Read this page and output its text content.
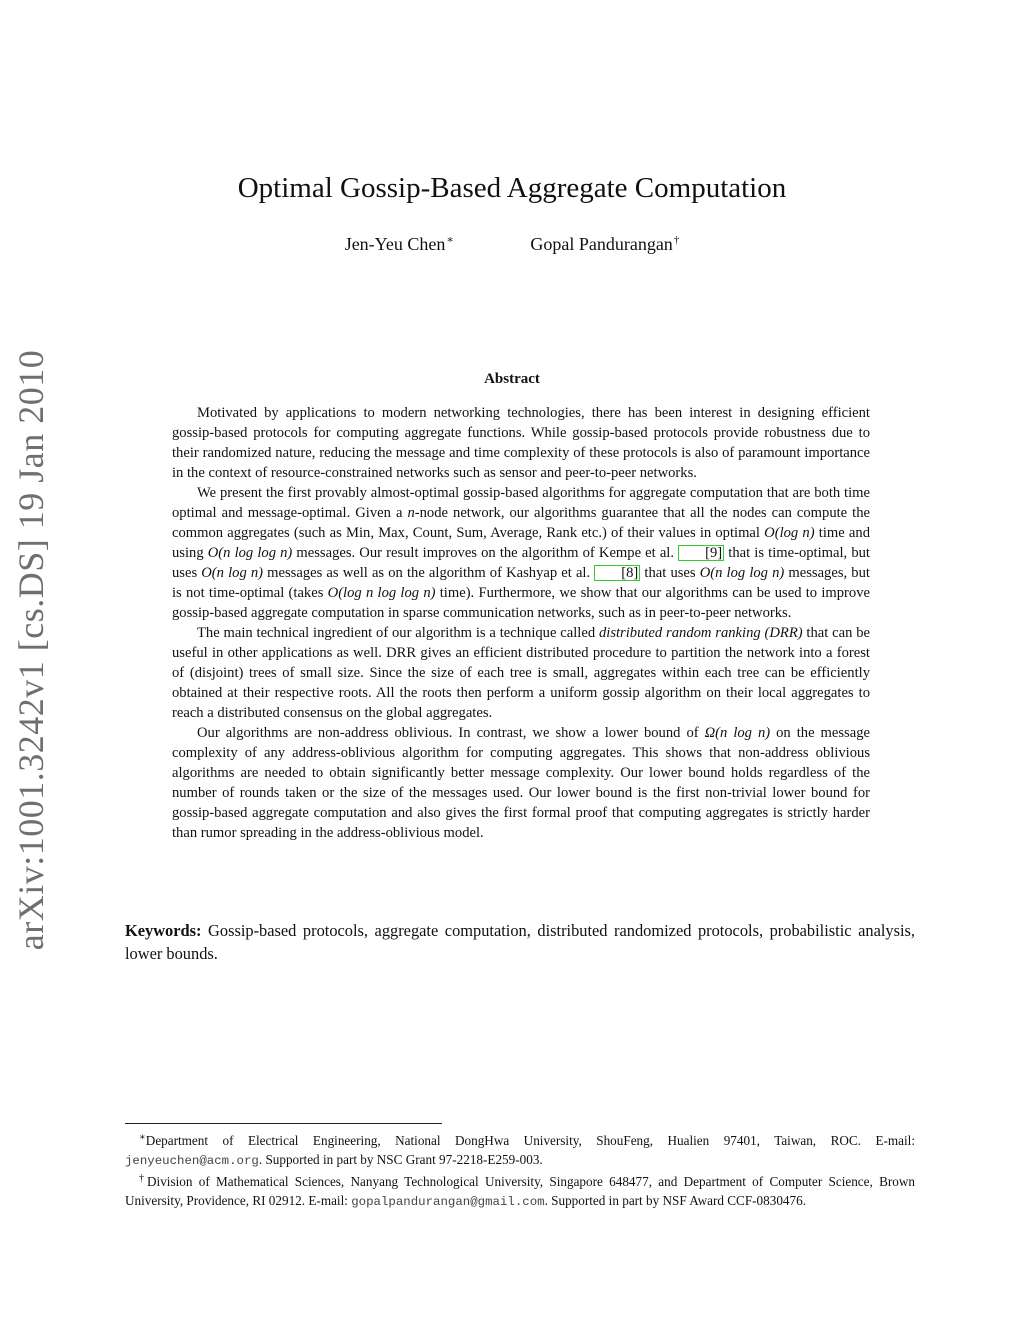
arXiv:1001.3242v1 [cs.DS] 19 Jan 2010
Optimal Gossip-Based Aggregate Computation
Jen-Yeu Chen∗	Gopal Pandurangan†
Abstract

Motivated by applications to modern networking technologies, there has been interest in designing efficient gossip-based protocols for computing aggregate functions. While gossip-based protocols provide robustness due to their randomized nature, reducing the message and time complexity of these protocols is also of paramount importance in the context of resource-constrained networks such as sensor and peer-to-peer networks.

We present the first provably almost-optimal gossip-based algorithms for aggregate computation that are both time optimal and message-optimal. Given a n-node network, our algorithms guarantee that all the nodes can compute the common aggregates (such as Min, Max, Count, Sum, Average, Rank etc.) of their values in optimal O(log n) time and using O(n log log n) messages. Our result improves on the algorithm of Kempe et al. [9] that is time-optimal, but uses O(n log n) messages as well as on the algorithm of Kashyap et al. [8] that uses O(n log log n) messages, but is not time-optimal (takes O(log n log log n) time). Furthermore, we show that our algorithms can be used to improve gossip-based aggregate computation in sparse communication networks, such as in peer-to-peer networks.

The main technical ingredient of our algorithm is a technique called distributed random ranking (DRR) that can be useful in other applications as well. DRR gives an efficient distributed procedure to partition the network into a forest of (disjoint) trees of small size. Since the size of each tree is small, aggregates within each tree can be efficiently obtained at their respective roots. All the roots then perform a uniform gossip algorithm on their local aggregates to reach a distributed consensus on the global aggregates.

Our algorithms are non-address oblivious. In contrast, we show a lower bound of Ω(n log n) on the message complexity of any address-oblivious algorithm for computing aggregates. This shows that non-address oblivious algorithms are needed to obtain significantly better message complexity. Our lower bound holds regardless of the number of rounds taken or the size of the messages used. Our lower bound is the first non-trivial lower bound for gossip-based aggregate computation and also gives the first formal proof that computing aggregates is strictly harder than rumor spreading in the address-oblivious model.

Keywords: Gossip-based protocols, aggregate computation, distributed randomized protocols, probabilistic analysis, lower bounds.

∗Department of Electrical Engineering, National DongHwa University, ShouFeng, Hualien 97401, Taiwan, ROC. E-mail: jenyeuchen@acm.org. Supported in part by NSC Grant 97-2218-E259-003.

†Division of Mathematical Sciences, Nanyang Technological University, Singapore 648477, and Department of Computer Science, Brown University, Providence, RI 02912. E-mail: gopalpandurangan@gmail.com. Supported in part by NSF Award CCF-0830476.
